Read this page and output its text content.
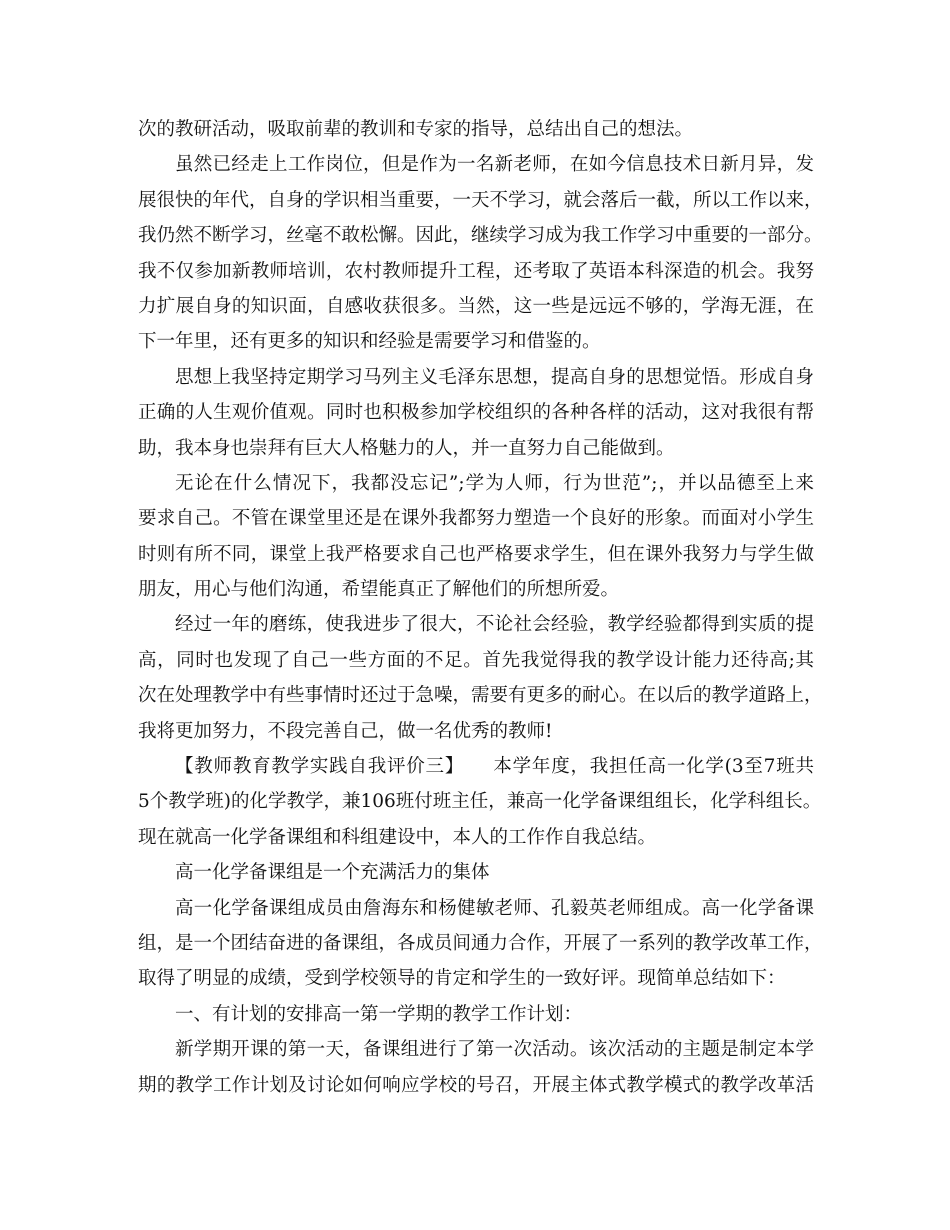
次的教研活动，吸取前辈的教训和专家的指导，总结出自己的想法。
虽然已经走上工作岗位，但是作为一名新老师，在如今信息技术日新月异，发
展很快的年代，自身的学识相当重要，一天不学习，就会落后一截，所以工作以来，
我仍然不断学习，丝毫不敢松懈。因此，继续学习成为我工作学习中重要的一部分。
我不仅参加新教师培训，农村教师提升工程，还考取了英语本科深造的机会。我努
力扩展自身的知识面，自感收获很多。当然，这一些是远远不够的，学海无涯，在
下一年里，还有更多的知识和经验是需要学习和借鉴的。
思想上我坚持定期学习马列主义毛泽东思想，提高自身的思想觉悟。形成自身
正确的人生观价值观。同时也积极参加学校组织的各种各样的活动，这对我很有帮
助，我本身也崇拜有巨大人格魅力的人，并一直努力自己能做到。
无论在什么情况下，我都没忘记”;学为人师，行为世范”;，并以品德至上来
要求自己。不管在课堂里还是在课外我都努力塑造一个良好的形象。而面对小学生
时则有所不同，课堂上我严格要求自己也严格要求学生，但在课外我努力与学生做
朋友，用心与他们沟通，希望能真正了解他们的所想所爱。
经过一年的磨练，使我进步了很大，不论社会经验，教学经验都得到实质的提
高，同时也发现了自己一些方面的不足。首先我觉得我的教学设计能力还待高;其
次在处理教学中有些事情时还过于急噪，需要有更多的耐心。在以后的教学道路上，
我将更加努力，不段完善自己，做一名优秀的教师!
【教师教育教学实践自我评价三】　　本学年度，我担任高一化学(3至7班共
5个教学班)的化学教学，兼106班付班主任，兼高一化学备课组组长，化学科组长。
现在就高一化学备课组和科组建设中，本人的工作作自我总结。
高一化学备课组是一个充满活力的集体
高一化学备课组成员由詹海东和杨健敏老师、孔毅英老师组成。高一化学备课
组，是一个团结奋进的备课组，各成员间通力合作，开展了一系列的教学改革工作，
取得了明显的成绩，受到学校领导的肯定和学生的一致好评。现简单总结如下：
一、有计划的安排高一第一学期的教学工作计划：
新学期开课的第一天，备课组进行了第一次活动。该次活动的主题是制定本学
期的教学工作计划及讨论如何响应学校的号召，开展主体式教学模式的教学改革活
